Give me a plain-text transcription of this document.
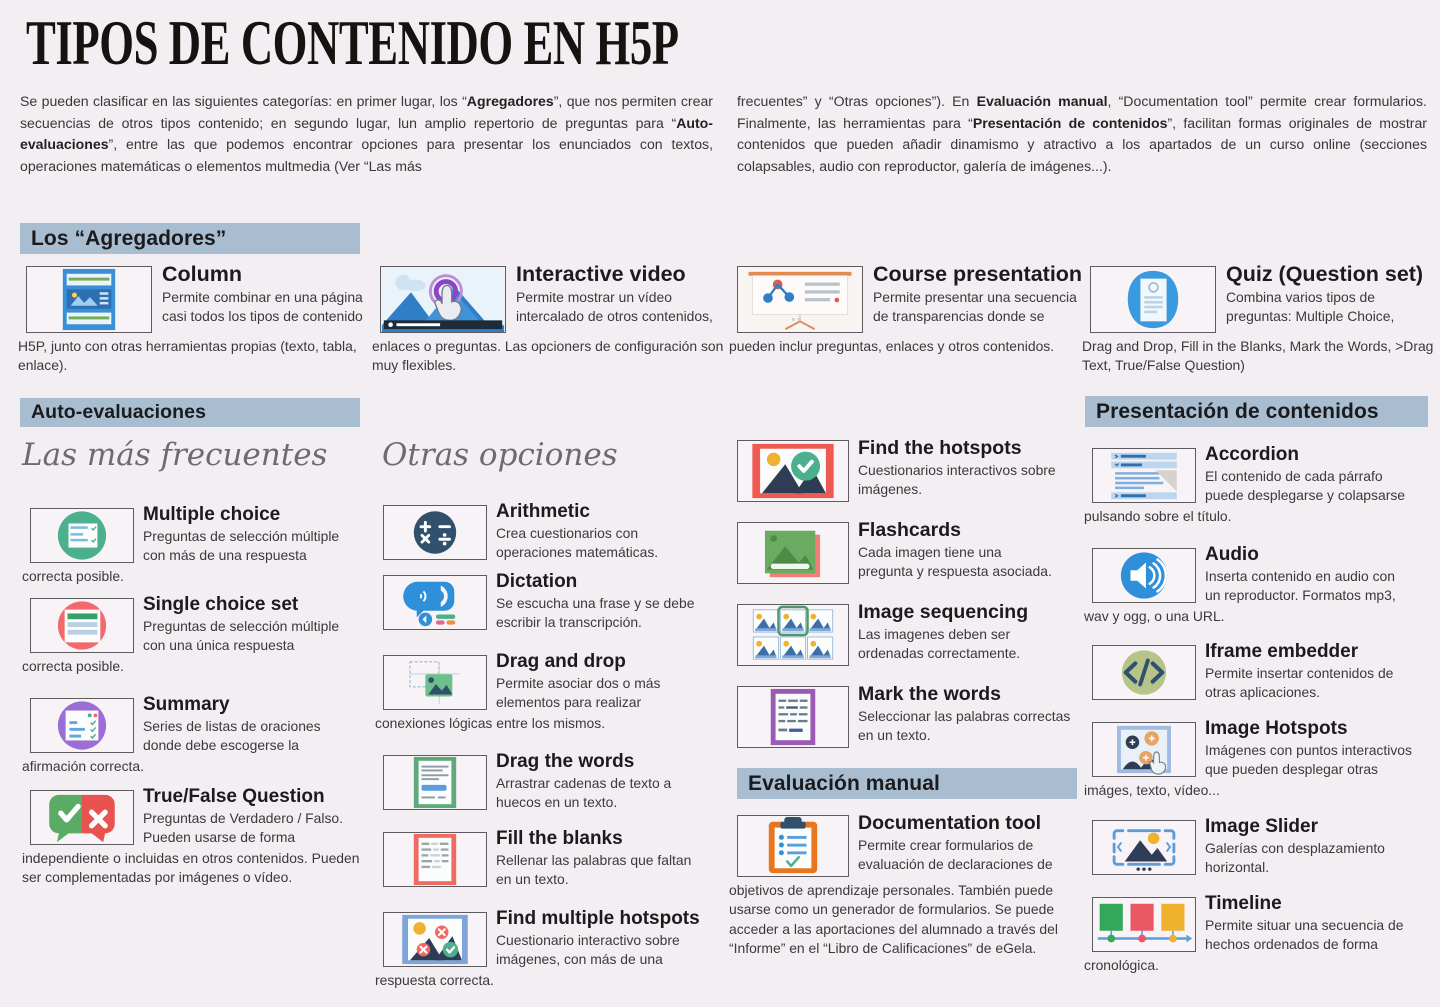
TIPOS DE CONTENIDO EN H5P
Se pueden clasificar en las siguientes categorías: en primer lugar, los “Agregadores”, que nos permiten crear secuencias de otros tipos contenido; en segundo lugar, lun amplio repertorio de preguntas para “Auto-evaluaciones”, entre las que podemos encontrar opciones para presentar los enunciados con textos, operaciones matemáticas o elementos multmedia (Ver “Las más
frecuentes” y “Otras opciones”). En Evaluación manual, “Documentation tool” permite crear formularios. Finalmente, las herramientas para “Presentación de contenidos”, facilitan formas originales de mostrar contenidos que pueden añadir dinamismo y atractivo a los apartados de un curso online (secciones colapsables, audio con reproductor, galería de imágenes...).
Los “Agregadores”
Auto-evaluaciones
Evaluación manual
Presentación de contenidos
Las más frecuentes Otras opciones
Column
Permite combinar en una página casi todos los tipos de contenido
H5P, junto con otras herramientas propias (texto, tabla, enlace).
Interactive video
Permite mostrar un vídeo intercalado de otros contenidos,
enlaces o preguntas. Las opcioners de configuración son muy flexibles.
Course presentation
Permite presentar una secuencia de transparencias donde se
pueden inclur preguntas, enlaces y otros contenidos.
Quiz (Question set)
Combina varios tipos de preguntas: Multiple Choice,
Drag and Drop, Fill in the Blanks, Mark the Words, >Drag Text, True/False Question)
Multiple choice
Preguntas de selección múltiple con más de una respuesta
correcta posible.
Single choice set
Preguntas de selección múltiple con una única respuesta
correcta posible.
Summary
Series de listas de oraciones donde debe escogerse la
afirmación correcta.
True/False Question
Preguntas de Verdadero / Falso. Pueden usarse de forma
independiente o incluidas en otros contenidos. Pueden ser complementadas por imágenes o vídeo.
Arithmetic
Crea cuestionarios con operaciones matemáticas.
Dictation
Se escucha una frase y se debe escribir la transcripción.
Drag and drop
Permite asociar dos o más elementos para realizar
conexiones lógicas entre los mismos.
Drag the words
Arrastrar cadenas de texto a huecos en un texto.
Fill the blanks
Rellenar las palabras que faltan en un texto.
Find multiple hotspots
Cuestionario interactivo sobre imágenes, con más de una
respuesta correcta.
Find the hotspots
Cuestionarios interactivos sobre imágenes.
Flashcards
Cada imagen tiene una pregunta y respuesta asociada.
Image sequencing
Las imagenes deben ser ordenadas correctamente.
Mark the words
Seleccionar las palabras correctas en un texto.
Documentation tool
Permite crear formularios de evaluación de declaraciones de
objetivos de aprendizaje personales. También puede usarse como un generador de formularios. Se puede acceder a las aportaciones del alumnado a través del “Informe” en el “Libro de Calificaciones” de eGela.
Accordion
El contenido de cada párrafo puede desplegarse y colapsarse
pulsando sobre el título.
Audio
Inserta contenido en audio con un reproductor. Formatos mp3,
wav y ogg, o una URL.
Iframe embedder
Permite insertar contenidos de otras aplicaciones.
Image Hotspots
Imágenes con puntos interactivos que pueden desplegar otras
imáges, texto, vídeo...
Image Slider
Galerías con desplazamiento horizontal.
Timeline
Permite situar una secuencia de hechos ordenados de forma
cronológica.
